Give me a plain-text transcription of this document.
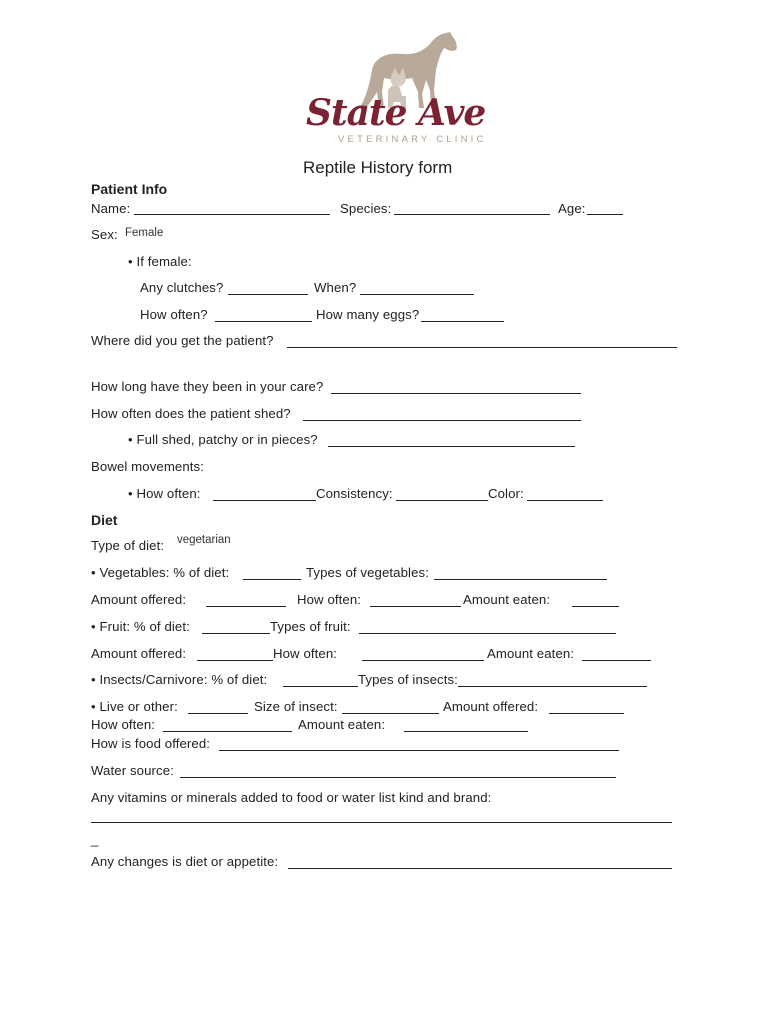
State Ave
VETERINARY CLINIC
Reptile History form
Patient Info
Name:	Species:	Age:
Sex: Female
• If female:
Any clutches?	When?
How often?	How many eggs?
Where did you get the patient?
How long have they been in your care?
How often does the patient shed?
• Full shed, patchy or in pieces?
Bowel movements:
• How often:	Consistency:	Color:
Diet
Type of diet: vegetarian
• Vegetables: % of diet:	Types of vegetables:
Amount offered:	How often:	Amount eaten:
• Fruit: % of diet:	Types of fruit:
Amount offered:	How often:	Amount eaten:
• Insects/Carnivore: % of diet:	Types of insects:
• Live or other:	Size of insect:	Amount offered:
How often:	Amount eaten:
How is food offered:
Water source:
Any vitamins or minerals added to food or water list kind and brand:
_
Any changes is diet or appetite:
